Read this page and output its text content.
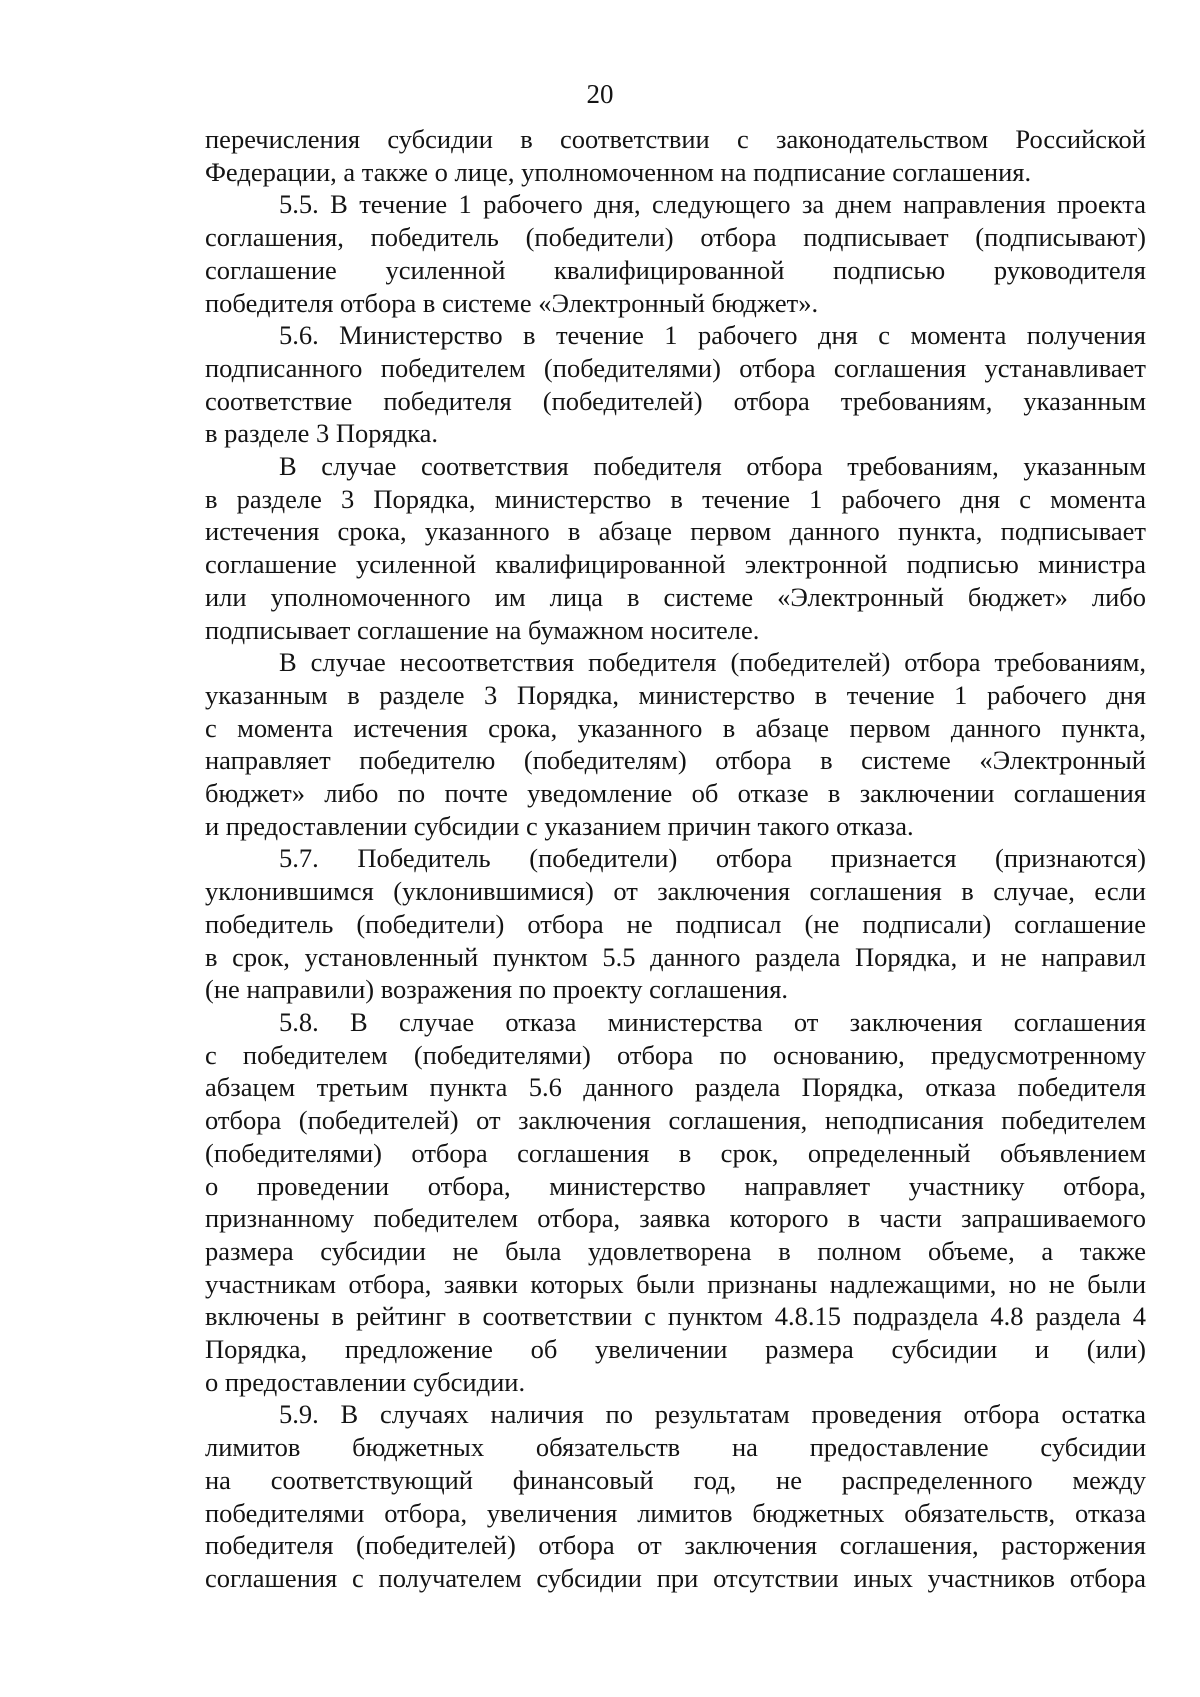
20
перечисления субсидии в соответствии с законодательством Российской
Федерации, а также о лице, уполномоченном на подписание соглашения.
5.5. В течение 1 рабочего дня, следующего за днем направления проекта
соглашения, победитель (победители) отбора подписывает (подписывают)
соглашение усиленной квалифицированной подписью руководителя
победителя отбора в системе «Электронный бюджет».
5.6. Министерство в течение 1 рабочего дня с момента получения
подписанного победителем (победителями) отбора соглашения устанавливает
соответствие победителя (победителей) отбора требованиям, указанным
в разделе 3 Порядка.
В случае соответствия победителя отбора требованиям, указанным
в разделе 3 Порядка, министерство в течение 1 рабочего дня с момента
истечения срока, указанного в абзаце первом данного пункта, подписывает
соглашение усиленной квалифицированной электронной подписью министра
или уполномоченного им лица в системе «Электронный бюджет» либо
подписывает соглашение на бумажном носителе.
В случае несоответствия победителя (победителей) отбора требованиям,
указанным в разделе 3 Порядка, министерство в течение 1 рабочего дня
с момента истечения срока, указанного в абзаце первом данного пункта,
направляет победителю (победителям) отбора в системе «Электронный
бюджет» либо по почте уведомление об отказе в заключении соглашения
и предоставлении субсидии с указанием причин такого отказа.
5.7. Победитель (победители) отбора признается (признаются)
уклонившимся (уклонившимися) от заключения соглашения в случае, если
победитель (победители) отбора не подписал (не подписали) соглашение
в срок, установленный пунктом 5.5 данного раздела Порядка, и не направил
(не направили) возражения по проекту соглашения.
5.8. В случае отказа министерства от заключения соглашения
с победителем (победителями) отбора по основанию, предусмотренному
абзацем третьим пункта 5.6 данного раздела Порядка, отказа победителя
отбора (победителей) от заключения соглашения, неподписания победителем
(победителями) отбора соглашения в срок, определенный объявлением
о проведении отбора, министерство направляет участнику отбора,
признанному победителем отбора, заявка которого в части запрашиваемого
размера субсидии не была удовлетворена в полном объеме, а также
участникам отбора, заявки которых были признаны надлежащими, но не были
включены в рейтинг в соответствии с пунктом 4.8.15 подраздела 4.8 раздела 4
Порядка, предложение об увеличении размера субсидии и (или)
о предоставлении субсидии.
5.9. В случаях наличия по результатам проведения отбора остатка
лимитов бюджетных обязательств на предоставление субсидии
на соответствующий финансовый год, не распределенного между
победителями отбора, увеличения лимитов бюджетных обязательств, отказа
победителя (победителей) отбора от заключения соглашения, расторжения
соглашения с получателем субсидии при отсутствии иных участников отбора
